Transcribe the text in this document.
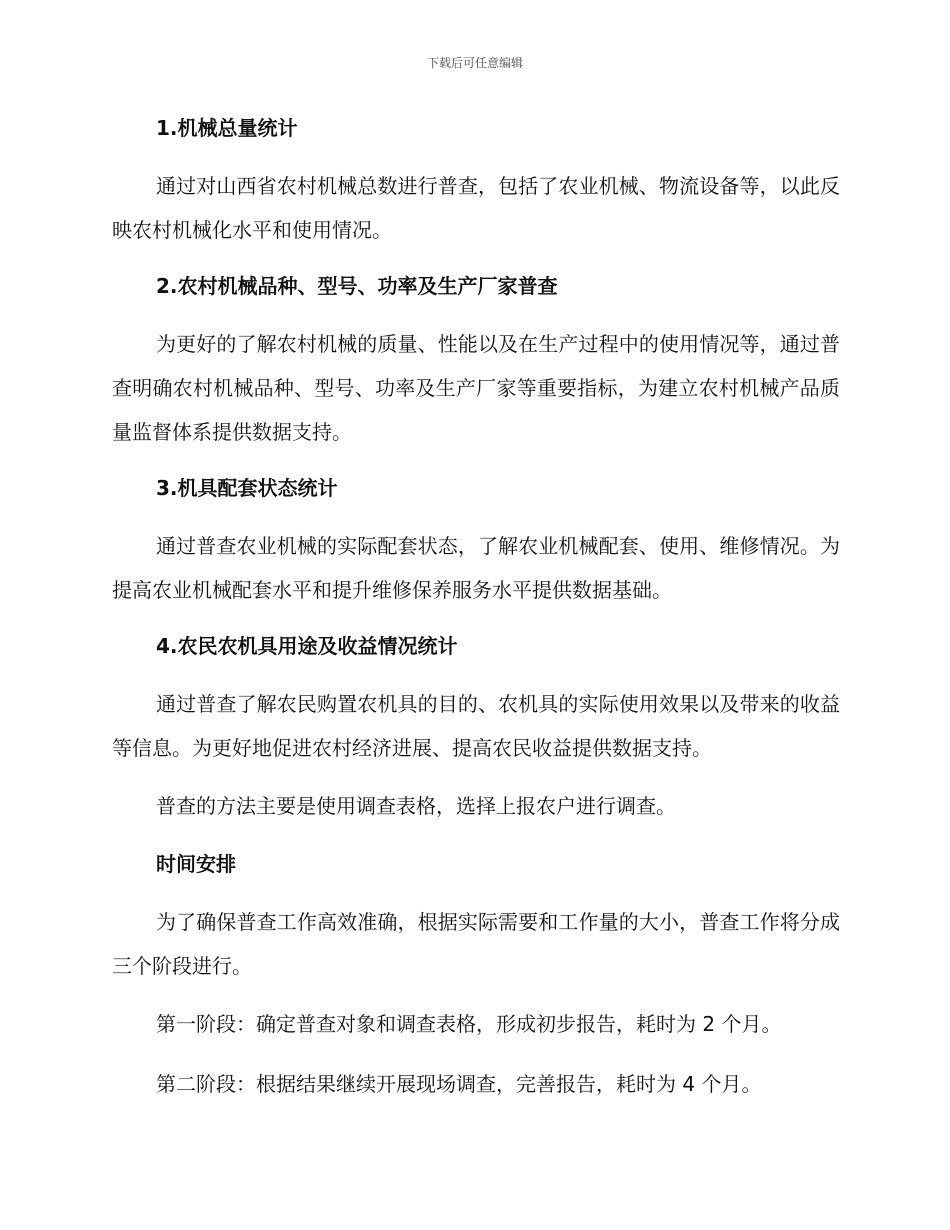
下载后可任意编辑
1.机械总量统计

通过对山西省农村机械总数进行普查，包括了农业机械、物流设备等，以此反映农村机械化水平和使用情况。

2.农村机械品种、型号、功率及生产厂家普查

为更好的了解农村机械的质量、性能以及在生产过程中的使用情况等，通过普查明确农村机械品种、型号、功率及生产厂家等重要指标，为建立农村机械产品质量监督体系提供数据支持。

3.机具配套状态统计

通过普查农业机械的实际配套状态，了解农业机械配套、使用、维修情况。为提高农业机械配套水平和提升维修保养服务水平提供数据基础。

4.农民农机具用途及收益情况统计

通过普查了解农民购置农机具的目的、农机具的实际使用效果以及带来的收益等信息。为更好地促进农村经济进展、提高农民收益提供数据支持。

普查的方法主要是使用调查表格，选择上报农户进行调查。

时间安排

为了确保普查工作高效准确，根据实际需要和工作量的大小，普查工作将分成三个阶段进行。

第一阶段：确定普查对象和调查表格，形成初步报告，耗时为 2 个月。

第二阶段：根据结果继续开展现场调查，完善报告，耗时为 4 个月。
